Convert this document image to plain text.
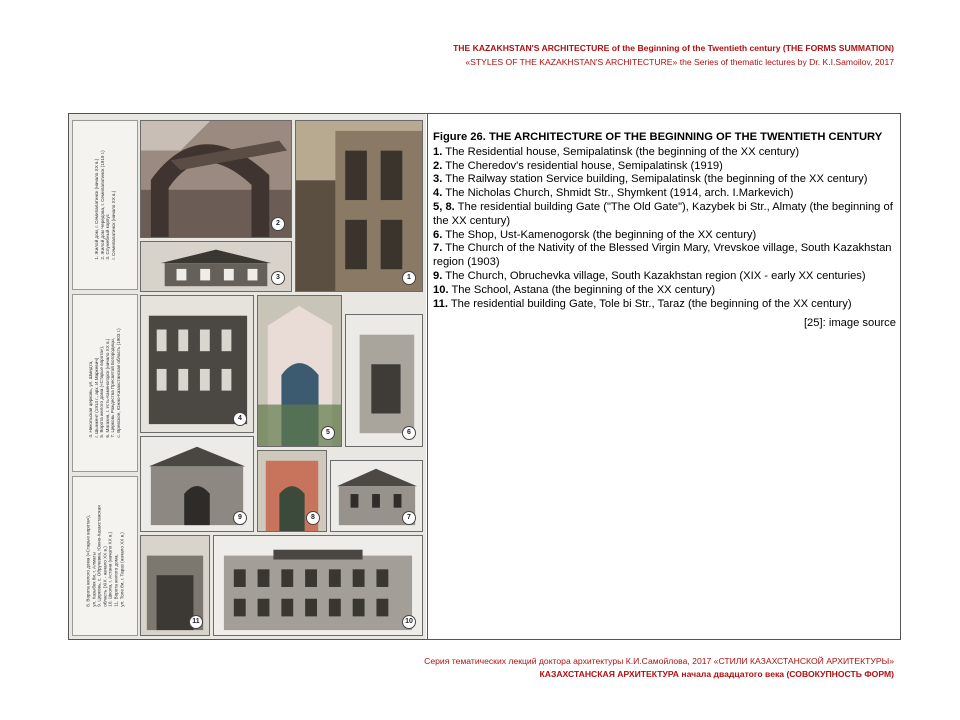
THE KAZAKHSTAN'S ARCHITECTURE of the Beginning of the Twentieth century (THE FORMS SUMMATION)
«STYLES OF THE KAZAKHSTAN'S ARCHITECTURE» the Series of thematic lectures by Dr. K.I.Samoilov, 2017
1. Жилой дом, г. Семипалатинск (начало XX в.) 2. Жилой дом Чередова, г. Семипалатинск (1919 г.) 3. Служебный корпус г. Семипалатинск (начало XX в.)
4. Никольская церковь, ул. Шмидта, г. Шымкент (1914 г., арх. И.Маркевич) 5. Ворота жилого дома («Старые ворота»), 6. Магазин, г. Усть-Каменогорск (начало XX в.) 7. Церковь Рождества Пресвятой Богородицы, с. Вревское, Южно-Казахстанская область (1903 г.)
8. Ворота жилого дома («Старые ворота»), ул. Казыбек би, г. Алматы 9. Церковь, с. Обручевка, Южно-Казахстанская область (XIX - начало XX в.) 10. Школа, г. Астана (начало XX в.) 11. Ворота жилого дома, ул. Толе би, г. Тараз (начало XX в.)
2
1
3
4
5	6
9	8	7
11	10
Figure 26. THE ARCHITECTURE OF THE BEGINNING OF THE TWENTIETH CENTURY
1. The Residential house, Semipalatinsk (the beginning of the XX century)
2. The Cheredov's residential house, Semipalatinsk (1919)
3. The Railway station Service building, Semipalatinsk (the beginning of the XX century)
4. The Nicholas Church, Shmidt Str., Shymkent (1914, arch. I.Markevich)
5, 8. The residential building Gate ("The Old Gate"), Kazybek bi Str., Almaty (the beginning of the XX century)
6. The Shop, Ust-Kamenogorsk (the beginning of the XX century)
7. The Church of the Nativity of the Blessed Virgin Mary, Vrevskoe village, South Kazakhstan region (1903)
9. The Church, Obruchevka village, South Kazakhstan region (XIX - early XX centuries)
10. The School, Astana (the beginning of the XX century)
11. The residential building Gate, Tole bi Str., Taraz (the beginning of the XX century)
[25]: image source
Серия тематических лекций доктора архитектуры К.И.Самойлова, 2017 «СТИЛИ КАЗАХСТАНСКОЙ АРХИТЕКТУРЫ»
КАЗАХСТАНСКАЯ АРХИТЕКТУРА начала двадцатого века (СОВОКУПНОСТЬ ФОРМ)
